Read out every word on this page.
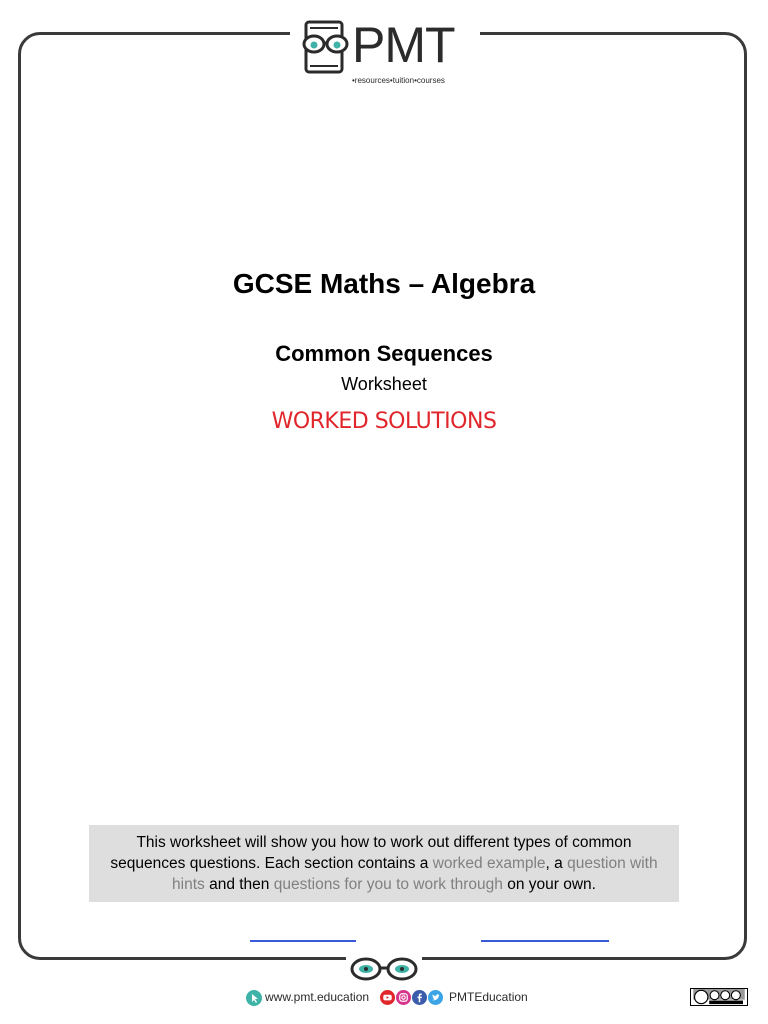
PMT
•resources•tuition•courses
GCSE Maths – Algebra
Common Sequences
Worksheet
WORKED SOLUTIONS
This worksheet will show you how to work out different types of common sequences questions. Each section contains a worked example, a question with hints and then questions for you to work through on your own.
www.pmt.education	PMTEducation
